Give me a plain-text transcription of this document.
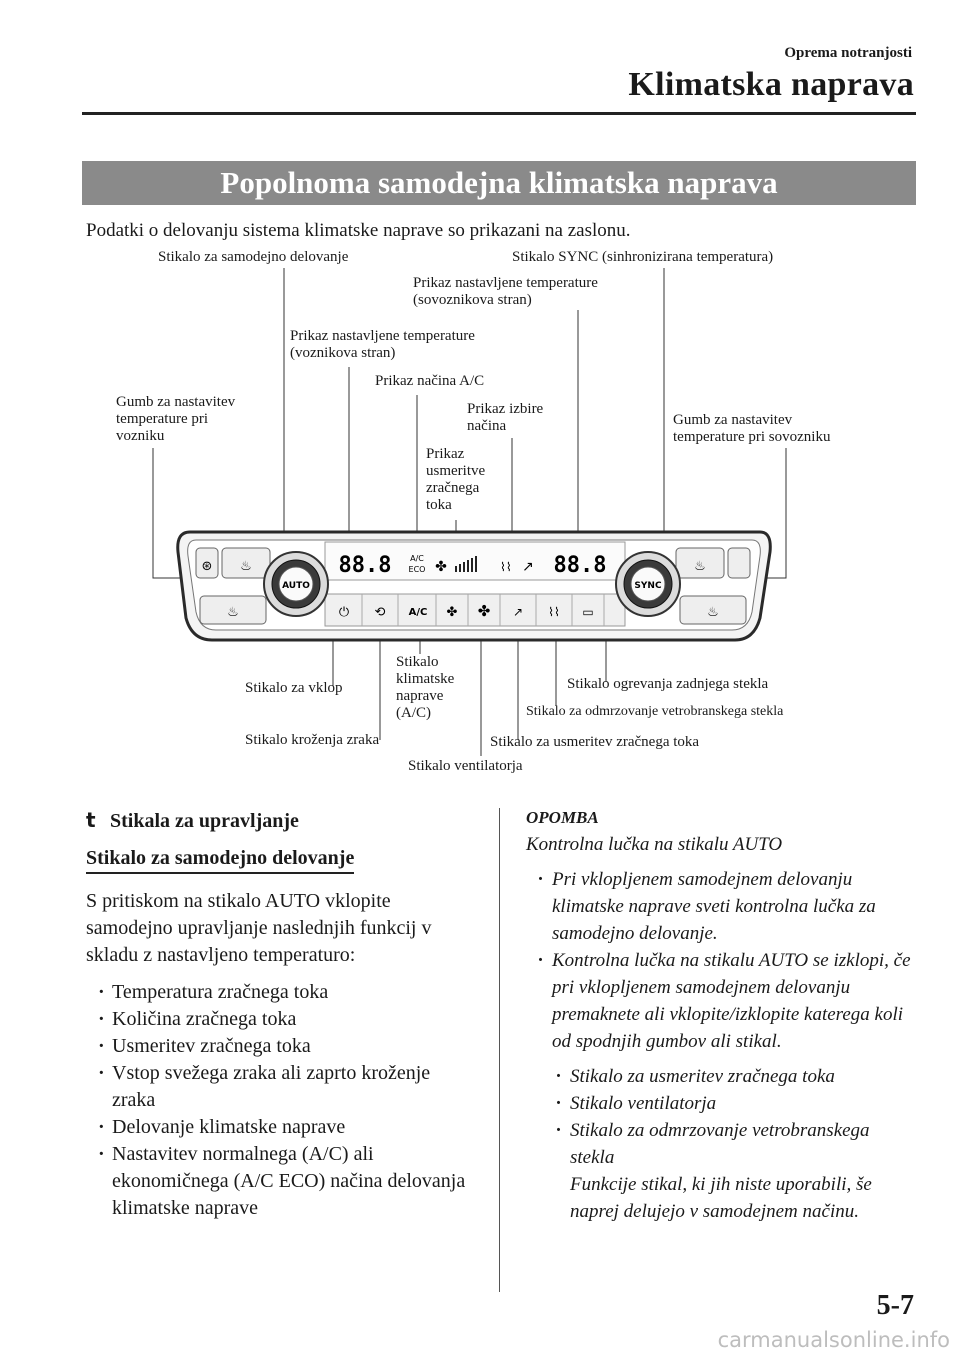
Oprema notranjosti
Klimatska naprava
Popolnoma samodejna klimatska naprava
Podatki o delovanju sistema klimatske naprave so prikazani na zaslonu.
✤	⌇⌇ ↗
⏻ ⟲	✤ ✤ ↗ ⌇⌇ ▭
⊛ ♨
♨
♨
♨
88.8	88.8
A/C
ECO
AUTO	SYNC
A/C
Stikalo za samodejno delovanje	Stikalo SYNC (sinhronizirana temperatura)
Prikaz nastavljene temperature
(sovoznikova stran)
Prikaz nastavljene temperature
(voznikova stran)
Prikaz načina A/C
Prikaz izbire
načina
Gumb za nastavitev
temperature pri
vozniku
Gumb za nastavitev
temperature pri sovozniku
Prikaz
usmeritve
zračnega
toka
Stikalo za vklop
Stikalo
klimatske
naprave
(A/C)
Stikalo ogrevanja zadnjega stekla
Stikalo za odmrzovanje vetrobranskega stekla
Stikalo kroženja zraka	Stikalo za usmeritev zračnega toka
Stikalo ventilatorja
t Stikala za upravljanje
Stikalo za samodejno delovanje

S pritiskom na stikalo AUTO vklopite samodejno upravljanje naslednjih funkcij v skladu z nastavljeno temperaturo:

· Temperatura zračnega toka
· Količina zračnega toka
· Usmeritev zračnega toka
· Vstop svežega zraka ali zaprto kroženje zraka
· Delovanje klimatske naprave
· Nastavitev normalnega (A/C) ali ekonomičnega (A/C ECO) načina delovanja klimatske naprave
OPOMBA
Kontrolna lučka na stikalu AUTO
· Pri vklopljenem samodejnem delovanju klimatske naprave sveti kontrolna lučka za samodejno delovanje.
· Kontrolna lučka na stikalu AUTO se izklopi, če pri vklopljenem samodejnem delovanju premaknete ali vklopite/izklopite katerega koli od spodnjih gumbov ali stikal.
· Stikalo za usmeritev zračnega toka
· Stikalo ventilatorja
· Stikalo za odmrzovanje vetrobranskega stekla
Funkcije stikal, ki jih niste uporabili, še naprej delujejo v samodejnem načinu.
5-7
carmanualsonline.info
